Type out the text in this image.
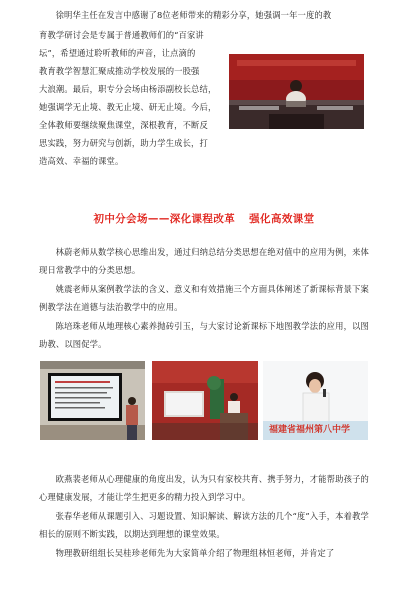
徐明华主任在发言中感谢了8位老师带来的精彩分享，她强调一年一度的教

育教学研讨会是专属于普通教师们的“百家讲

坛”，希望通过聆听教师的声音，让点滴的

教育教学智慧汇聚成推动学校发展的一股强

大浪潮。最后，职专分会场由杨添副校长总结，

她强调学无止境、教无止境、研无止境。今后，

全体教师要继续聚焦课堂，深根教育，不断反

思实践，努力研究与创新，助力学生成长，打

造高效、幸福的课堂。

初中分会场——深化课程改革 强化高效课堂

林蔚老师从数学核心思维出发，通过归纳总结分类思想在绝对值中的应用为例，来体现日常教学中的分类思想。

姚震老师从案例教学法的含义、意义和有效措施三个方面具体阐述了新课标背景下案例教学法在道德与法治教学中的应用。

陈培珠老师从地理核心素养抛砖引玉，与大家讨论新课标下地图教学法的应用，以图助教、以图促学。

福建省福州第八中学

欧燕裴老师从心理健康的角度出发，认为只有家校共育、携手努力，才能帮助孩子的心理健康发展，才能让学生把更多的精力投入到学习中。

张春华老师从课题引入、习题设置、知识解读、解读方法的几个“度”入手，本着教学相长的原则不断实践，以期达到理想的课堂效果。

物理教研组组长吴桂珍老师先为大家简单介绍了物理组林恒老师，并肯定了
